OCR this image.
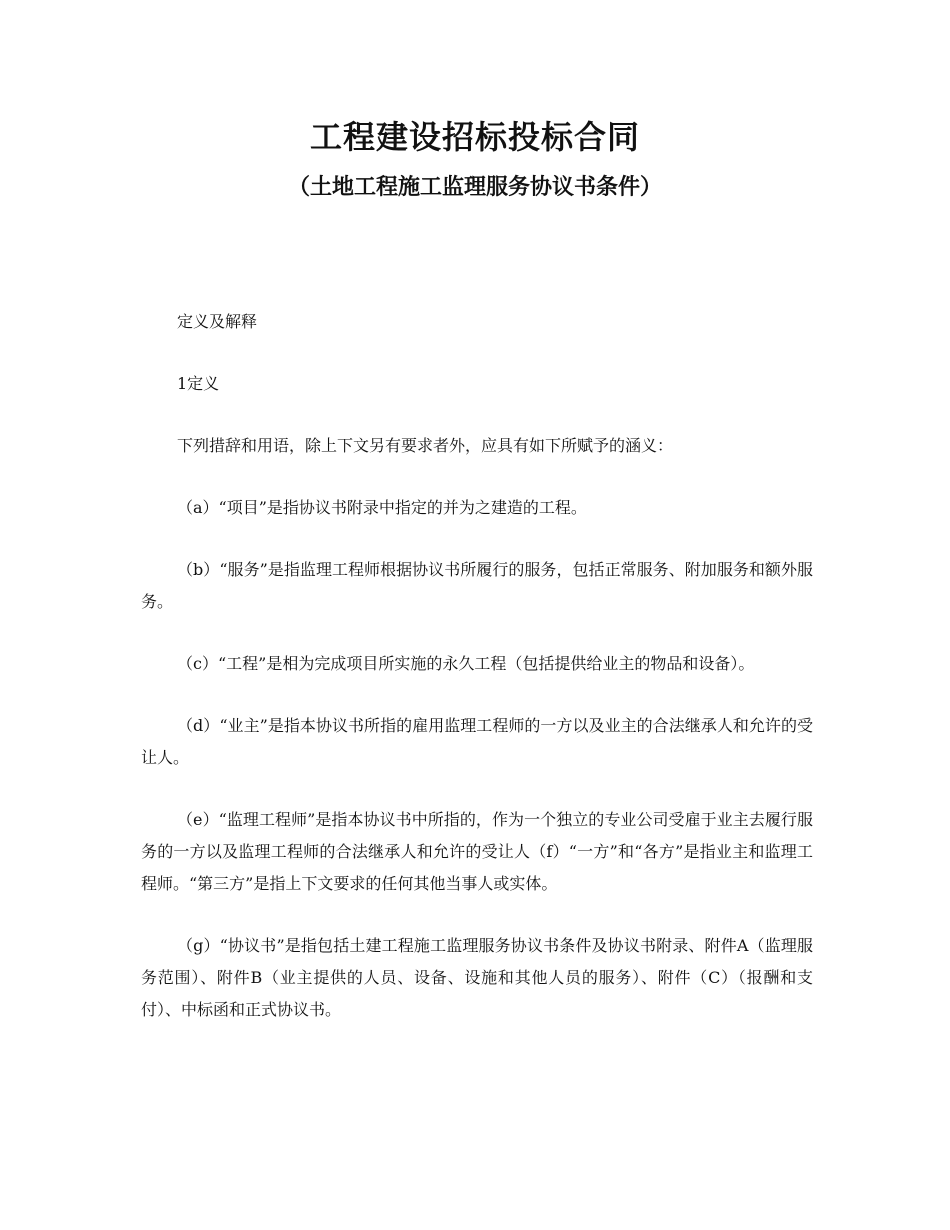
工程建设招标投标合同
（土地工程施工监理服务协议书条件）

定义及解释

1定义

下列措辞和用语，除上下文另有要求者外，应具有如下所赋予的涵义：

（a）“项目”是指协议书附录中指定的并为之建造的工程。

（b）“服务”是指监理工程师根据协议书所履行的服务，包括正常服务、附加服务和额外服务。

（c）“工程”是相为完成项目所实施的永久工程（包括提供给业主的物品和设备）。

（d）“业主”是指本协议书所指的雇用监理工程师的一方以及业主的合法继承人和允许的受让人。

（e）“监理工程师”是指本协议书中所指的，作为一个独立的专业公司受雇于业主去履行服务的一方以及监理工程师的合法继承人和允许的受让人（f）“一方”和“各方”是指业主和监理工程师。“第三方”是指上下文要求的任何其他当事人或实体。

（g）“协议书”是指包括土建工程施工监理服务协议书条件及协议书附录、附件A（监理服务范围）、附件B（业主提供的人员、设备、设施和其他人员的服务）、附件（C）（报酬和支付）、中标函和正式协议书。
